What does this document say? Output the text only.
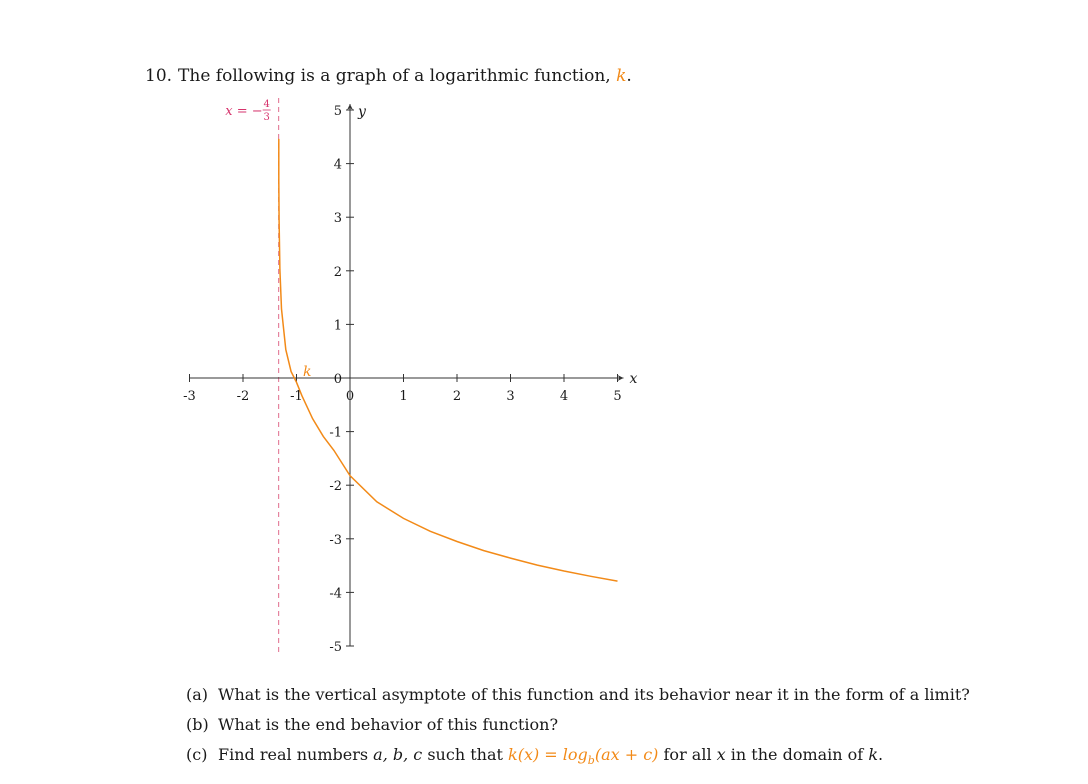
10. The following is a graph of a logarithmic function, k.
-3	-2	-1	0	1	2	3	4	5
5
4
3
2
1
0
-1
-2
-3
-4
-5
x
y
x = − 4
3
k
(a) What is the vertical asymptote of this function and its behavior near it in the form of a limit?
(b) What is the end behavior of this function?
(c) Find real numbers a, b, c such that $k(x) = \log_b(ax + c)$ for all x in the domain of k.
